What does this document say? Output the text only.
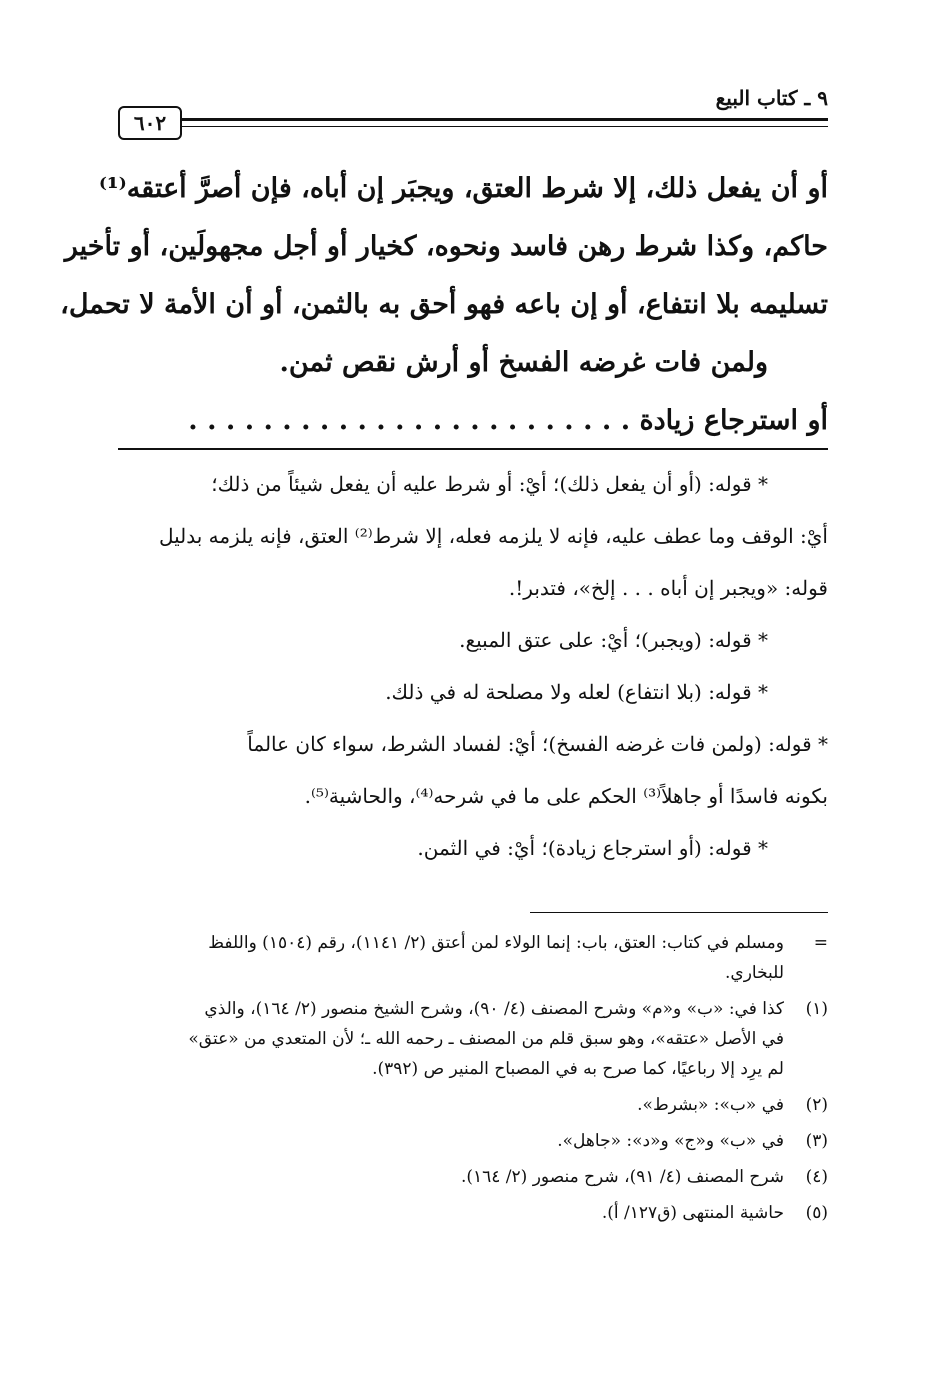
٩ ـ كتاب البيع
٦٠٢
أو أن يفعل ذلك، إلا شرط العتق، ويجبَر إن أباه، فإن أصرَّ أعتقه⁽¹⁾
حاكم، وكذا شرط رهن فاسد ونحوه، كخيار أو أجل مجهولَين، أو تأخير
تسليمه بلا انتفاع، أو إن باعه فهو أحق به بالثمن، أو أن الأمة لا تحمل،
ولمن فات غرضه الفسخ أو أرش نقص ثمن.
أو استرجاع زيادة . . . . . . . . . . . . . . . . . . . . . . . .
* قوله: (أو أن يفعل ذلك)؛ أيْ: أو شرط عليه أن يفعل شيئاً من ذلك؛
أيْ: الوقف وما عطف عليه، فإنه لا يلزمه فعله، إلا شرط⁽²⁾ العتق، فإنه يلزمه بدليل
قوله: «ويجبر إن أباه . . . إلخ»، فتدبر!.
* قوله: (ويجبر)؛ أيْ: على عتق المبيع.
* قوله: (بلا انتفاع) لعله ولا مصلحة له في ذلك.
* قوله: (ولمن فات غرضه الفسخ)؛ أيْ: لفساد الشرط، سواء كان عالماً
بكونه فاسدًا أو جاهلاً⁽³⁾ الحكم على ما في شرحه⁽⁴⁾، والحاشية⁽⁵⁾.
* قوله: (أو استرجاع زيادة)؛ أيْ: في الثمن.
=
ومسلم في كتاب: العتق، باب: إنما الولاء لمن أعتق (٢/ ١١٤١)، رقم (١٥٠٤) واللفظ
للبخاري.
(١)
كذا في: «ب» و«م» وشرح المصنف (٤/ ٩٠)، وشرح الشيخ منصور (٢/ ١٦٤)، والذي
في الأصل «عتقه»، وهو سبق قلم من المصنف ـ رحمه الله ـ؛ لأن المتعدي من «عتق»
لم يرِد إلا رباعيًا، كما صرح به في المصباح المنير ص (٣٩٢).
(٢)
في «ب»: «بشرط».
(٣)
في «ب» و«ج» و«د»: «جاهل».
(٤)
شرح المصنف (٤/ ٩١)، شرح منصور (٢/ ١٦٤).
(٥)
حاشية المنتهى (ق١٢٧/ أ).
